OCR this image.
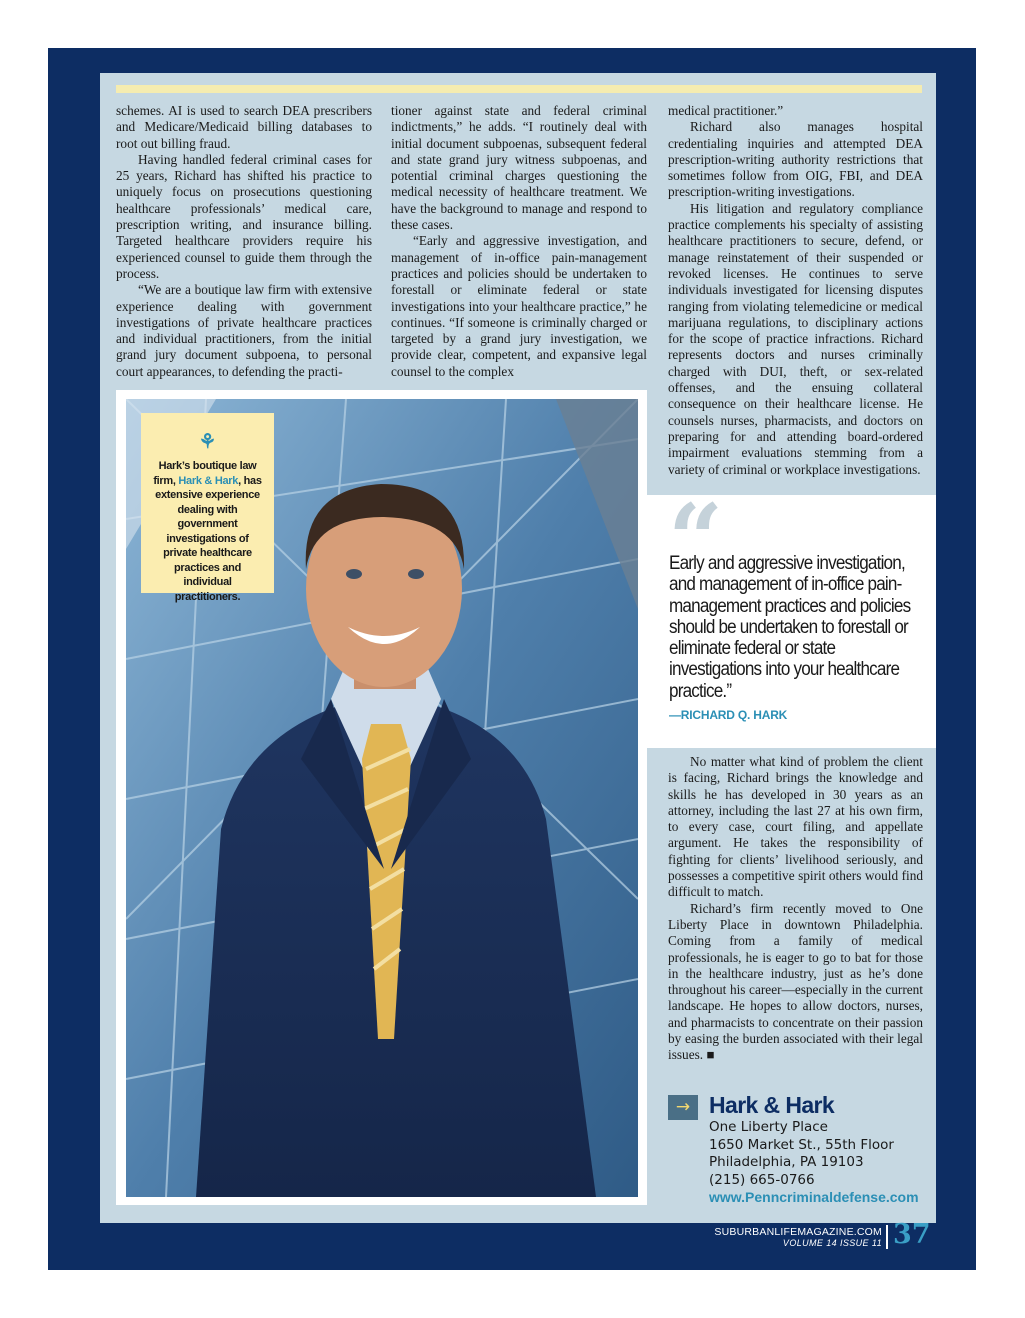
schemes. AI is used to search DEA prescribers and Medicare/Medicaid billing databases to root out billing fraud.

Having handled federal criminal cases for 25 years, Richard has shifted his practice to uniquely focus on prosecutions questioning healthcare professionals’ medical care, prescription writing, and insurance billing. Targeted healthcare providers require his experienced counsel to guide them through the process.

“We are a boutique law firm with extensive experience dealing with government investigations of private healthcare practices and individual practitioners, from the initial grand jury document subpoena, to personal court appearances, to defending the practi-

tioner against state and federal criminal indictments,” he adds. “I routinely deal with initial document subpoenas, subsequent federal and state grand jury witness subpoenas, and potential criminal charges questioning the medical necessity of healthcare treatment. We have the background to manage and respond to these cases.

“Early and aggressive investigation, and management of in-office pain-management practices and policies should be undertaken to forestall or eliminate federal or state investigations into your healthcare practice,” he continues. “If someone is criminally charged or targeted by a grand jury investigation, we provide clear, competent, and expansive legal counsel to the complex

medical practitioner.”

Richard also manages hospital credentialing inquiries and attempted DEA prescription-writing authority restrictions that sometimes follow from OIG, FBI, and DEA prescription-writing investigations.

His litigation and regulatory compliance practice complements his specialty of assisting healthcare practitioners to secure, defend, or manage reinstatement of their suspended or revoked licenses. He continues to serve individuals investigated for licensing disputes ranging from violating telemedicine or medical marijuana regulations, to disciplinary actions for the scope of practice infractions. Richard represents doctors and nurses criminally charged with DUI, theft, or sex-related offenses, and the ensuing collateral consequence on their healthcare license. He counsels nurses, pharmacists, and doctors on preparing for and attending board-ordered impairment evaluations stemming from a variety of criminal or workplace investigations.

⚘
Hark’s boutique law firm, Hark & Hark, has extensive experience dealing with government investigations of private healthcare practices and individual practitioners.
“
Early and aggressive investigation, and management of in-office pain-management practices and policies should be undertaken to forestall or eliminate federal or state investigations into your healthcare practice.”
—RICHARD Q. HARK

No matter what kind of problem the client is facing, Richard brings the knowledge and skills he has developed in 30 years as an attorney, including the last 27 at his own firm, to every case, court filing, and appellate argument. He takes the responsibility of fighting for clients’ livelihood seriously, and possesses a competitive spirit others would find difficult to match.

Richard’s firm recently moved to One Liberty Place in downtown Philadelphia. Coming from a family of medical professionals, he is eager to go to bat for those in the healthcare industry, just as he’s done throughout his career—especially in the current landscape. He hopes to allow doctors, nurses, and pharmacists to concentrate on their passion by easing the burden associated with their legal issues. ■

→ Hark & Hark
One Liberty Place
1650 Market St., 55th Floor
Philadelphia, PA 19103
(215) 665-0766
www.Penncriminaldefense.com
SUBURBANLIFEMAGAZINE.COM
VOLUME 14 ISSUE 11 37
